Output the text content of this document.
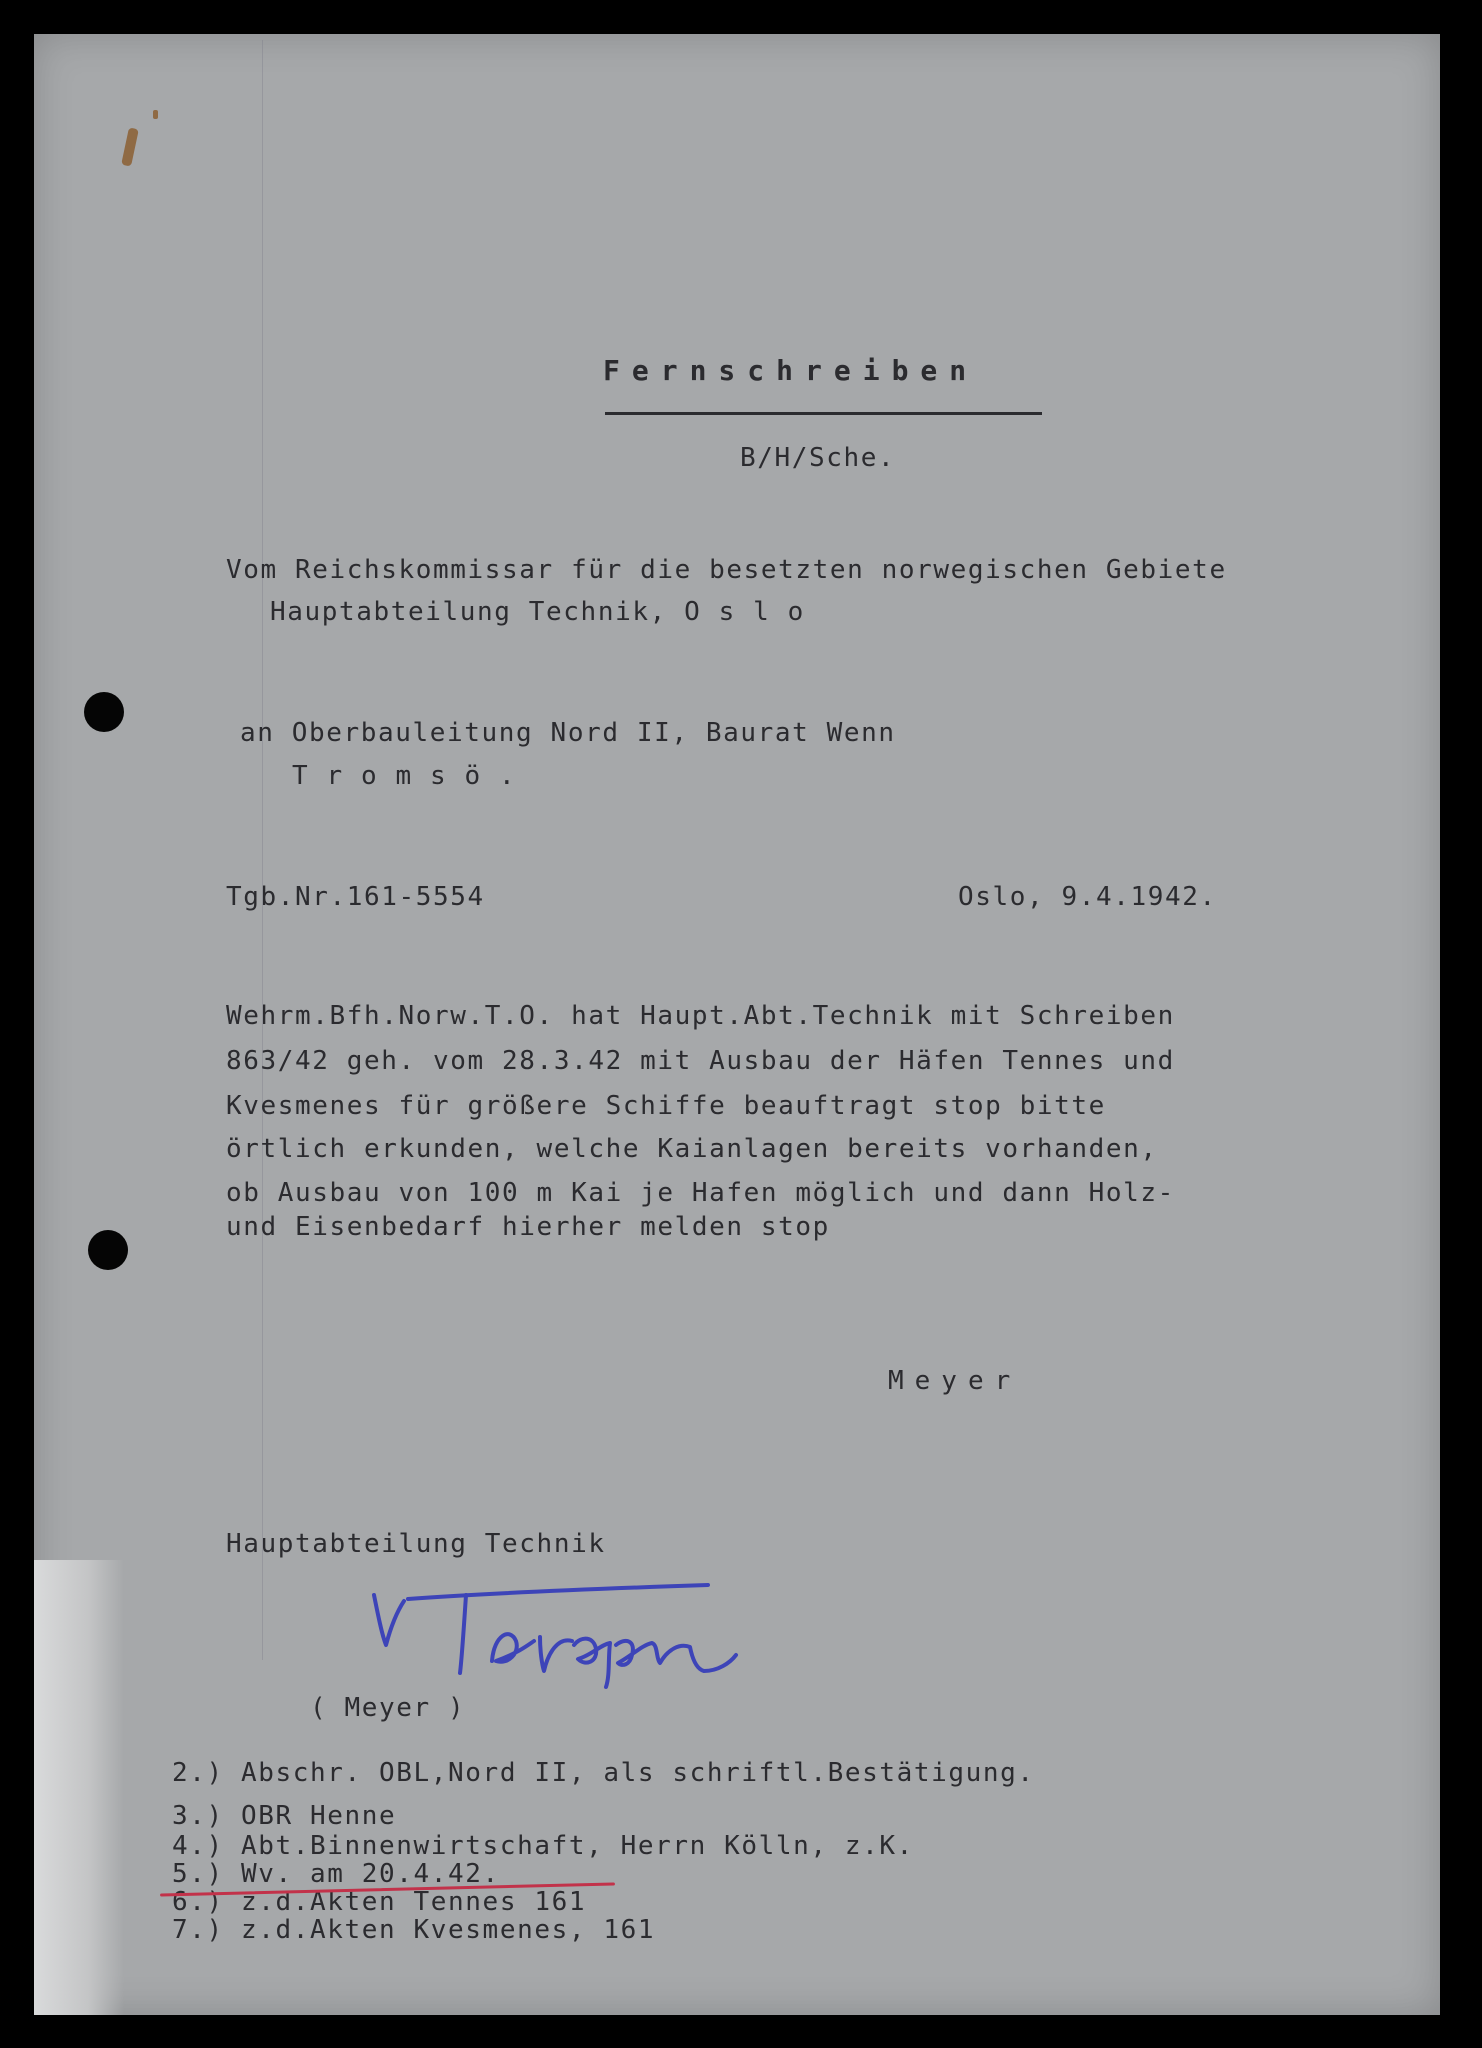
Fernschreiben
B/H/Sche.
Vom Reichskommissar für die besetzten norwegischen Gebiete
Hauptabteilung Technik, O s l o
an Oberbauleitung Nord II, Baurat Wenn
T r o m s ö .
Tgb.Nr.161-5554	Oslo, 9.4.1942.
Wehrm.Bfh.Norw.T.O. hat Haupt.Abt.Technik mit Schreiben
863/42 geh. vom 28.3.42 mit Ausbau der Häfen Tennes und
Kvesmenes für größere Schiffe beauftragt stop bitte
örtlich erkunden, welche Kaianlagen bereits vorhanden,
ob Ausbau von 100 m Kai je Hafen möglich und dann Holz-
und Eisenbedarf hierher melden stop
Meyer
Hauptabteilung Technik
( Meyer )
2.) Abschr. OBL,Nord II, als schriftl.Bestätigung.
3.) OBR Henne
4.) Abt.Binnenwirtschaft, Herrn Kölln, z.K.
5.) Wv. am 20.4.42.
6.) z.d.Akten Tennes 161
7.) z.d.Akten Kvesmenes, 161
